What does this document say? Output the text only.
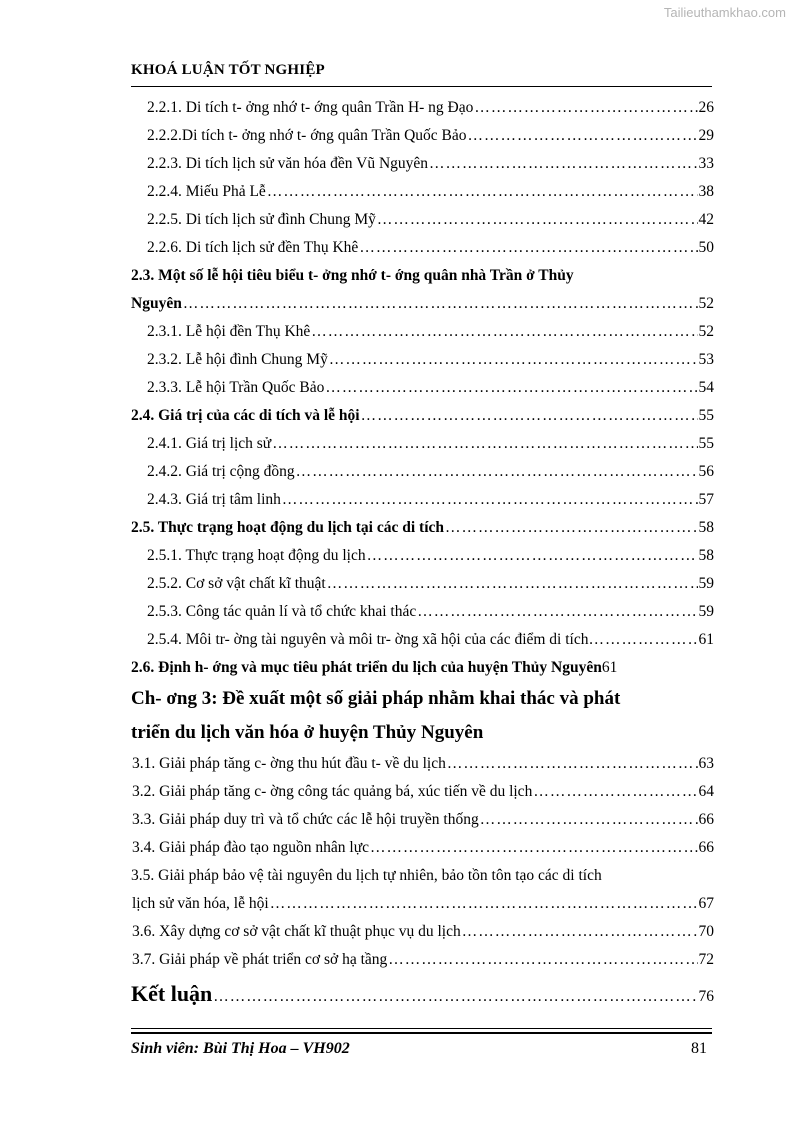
Tailieuthamkhao.com
KHOÁ LUẬN TỐT NGHIỆP
2.2.1. Di tích t- ởng nhớ t- ớng quân Trần H- ng Đạo …………………………………………………………………………………………………………………………………………………………………………………………	26
2.2.2.Di tích t- ởng nhớ t- ớng quân Trần Quốc Bảo …………………………………………………………………………………………………………………………………………………………………………………………	29
2.2.3. Di tích lịch sử văn hóa đền Vũ Nguyên …………………………………………………………………………………………………………………………………………………………………………………………	33
2.2.4. Miếu Phả Lễ …………………………………………………………………………………………………………………………………………………………………………………………	38
2.2.5. Di tích lịch sử đình Chung Mỹ …………………………………………………………………………………………………………………………………………………………………………………………	42
2.2.6. Di tích lịch sử đền Thụ Khê …………………………………………………………………………………………………………………………………………………………………………………………	50
2.3. Một số lễ hội tiêu biểu t- ởng nhớ t- ớng quân nhà Trần ở Thủy
Nguyên …………………………………………………………………………………………………………………………………………………………………………………………	52
2.3.1. Lễ hội đền Thụ Khê …………………………………………………………………………………………………………………………………………………………………………………………	52
2.3.2. Lễ hội đình Chung Mỹ …………………………………………………………………………………………………………………………………………………………………………………………	53
2.3.3. Lễ hội Trần Quốc Bảo …………………………………………………………………………………………………………………………………………………………………………………………	54
2.4. Giá trị của các di tích và lễ hội …………………………………………………………………………………………………………………………………………………………………………………………	55
2.4.1. Giá trị lịch sử …………………………………………………………………………………………………………………………………………………………………………………………	55
2.4.2. Giá trị cộng đồng …………………………………………………………………………………………………………………………………………………………………………………………	56
2.4.3. Giá trị tâm linh …………………………………………………………………………………………………………………………………………………………………………………………	57
2.5. Thực trạng hoạt động du lịch tại các di tích …………………………………………………………………………………………………………………………………………………………………………………………	58
2.5.1. Thực trạng hoạt động du lịch …………………………………………………………………………………………………………………………………………………………………………………………	58
2.5.2. Cơ sở vật chất kĩ thuật …………………………………………………………………………………………………………………………………………………………………………………………	59
2.5.3. Công tác quản lí và tổ chức khai thác …………………………………………………………………………………………………………………………………………………………………………………………	59
2.5.4. Môi tr- ờng tài nguyên và môi tr- ờng xã hội của các điểm di tích …………………………………………………………………………………………………………………………………………………………………………………………	61
2.6. Định h- ớng và mục tiêu phát triển du lịch của huyện Thủy Nguyên 61
Ch- ơng 3: Đề xuất một số giải pháp nhằm khai thác và phát
triển du lịch văn hóa ở huyện Thủy Nguyên
3.1. Giải pháp tăng c- ờng thu hút đầu t- về du lịch …………………………………………………………………………………………………………………………………………………………………………………………	63
3.2. Giải pháp tăng c- ờng công tác quảng bá, xúc tiến về du lịch …………………………………………………………………………………………………………………………………………………………………………………………	64
3.3. Giải pháp duy trì và tổ chức các lễ hội truyền thống …………………………………………………………………………………………………………………………………………………………………………………………	66
3.4. Giải pháp đào tạo nguồn nhân lực …………………………………………………………………………………………………………………………………………………………………………………………	66
3.5. Giải pháp bảo vệ tài nguyên du lịch tự nhiên, bảo tồn tôn tạo các di tích
lịch sử văn hóa, lễ hội …………………………………………………………………………………………………………………………………………………………………………………………	67
3.6. Xây dựng cơ sở vật chất kĩ thuật phục vụ du lịch …………………………………………………………………………………………………………………………………………………………………………………………	70
3.7. Giải pháp về phát triển cơ sở hạ tầng …………………………………………………………………………………………………………………………………………………………………………………………	72
Kết luận …………………………………………………………………………………………………………………………………………………………………………………………	76
Sinh viên: Bùi Thị Hoa – VH902	81
